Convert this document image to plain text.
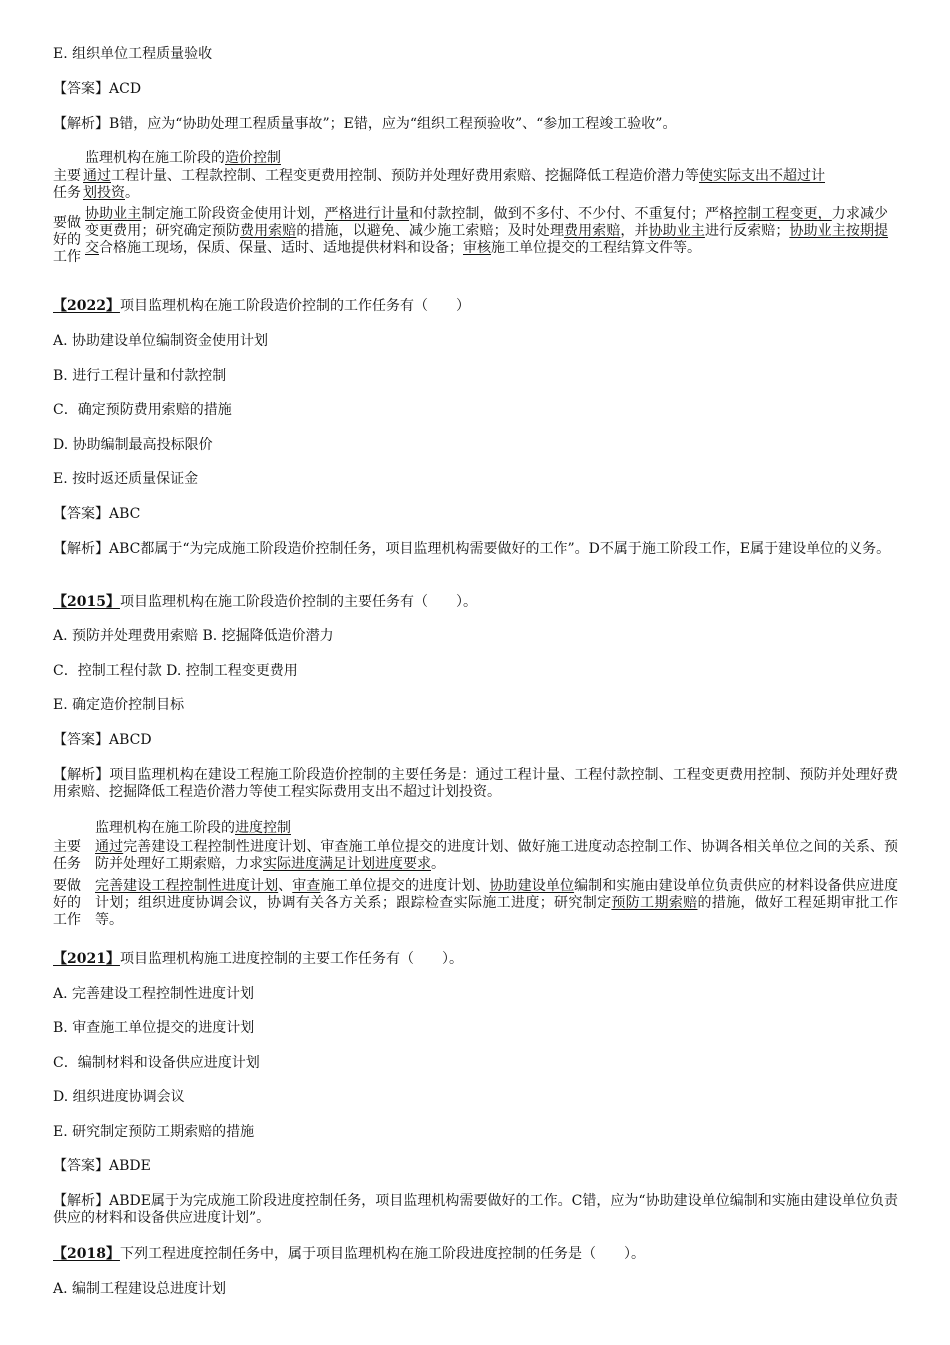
E. 组织单位工程质量验收
【答案】ACD
【解析】B错，应为“协助处理工程质量事故”；E错，应为“组织工程预验收”、“参加工程竣工验收”。
监理机构在施工阶段的造价控制
主要
任务
通过工程计量、工程款控制、工程变更费用控制、预防并处理好费用索赔、挖掘降低工程造价潜力等使实际支出不超过计
划投资。
要做好的工作
协助业主制定施工阶段资金使用计划，严格进行计量和付款控制，做到不多付、不少付、不重复付；严格控制工程变更，力求减少变更费用；研究确定预防费用索赔的措施，以避免、减少施工索赔；及时处理费用索赔，并协助业主进行反索赔；协助业主按期提交合格施工现场，保质、保量、适时、适地提供材料和设备；审核施工单位提交的工程结算文件等。
【2022】项目监理机构在施工阶段造价控制的工作任务有（　　）
A. 协助建设单位编制资金使用计划
B. 进行工程计量和付款控制
C．确定预防费用索赔的措施
D. 协助编制最高投标限价
E. 按时返还质量保证金
【答案】ABC
【解析】ABC都属于“为完成施工阶段造价控制任务，项目监理机构需要做好的工作”。D不属于施工阶段工作，E属于建设单位的义务。
【2015】项目监理机构在施工阶段造价控制的主要任务有（　　）。
A. 预防并处理费用索赔 B. 挖掘降低造价潜力
C．控制工程付款 D. 控制工程变更费用
E. 确定造价控制目标
【答案】ABCD
【解析】项目监理机构在建设工程施工阶段造价控制的主要任务是：通过工程计量、工程付款控制、工程变更费用控制、预防并处理好费用索赔、挖掘降低工程造价潜力等使工程实际费用支出不超过计划投资。
监理机构在施工阶段的进度控制
主要任务
通过完善建设工程控制性进度计划、审查施工单位提交的进度计划、做好施工进度动态控制工作、协调各相关单位之间的关系、预防并处理好工期索赔，力求实际进度满足计划进度要求。
要做好的工作
完善建设工程控制性进度计划、审查施工单位提交的进度计划、协助建设单位编制和实施由建设单位负责供应的材料设备供应进度计划；组织进度协调会议，协调有关各方关系；跟踪检查实际施工进度；研究制定预防工期索赔的措施，做好工程延期审批工作等。
【2021】项目监理机构施工进度控制的主要工作任务有（　　）。
A. 完善建设工程控制性进度计划
B. 审查施工单位提交的进度计划
C．编制材料和设备供应进度计划
D. 组织进度协调会议
E. 研究制定预防工期索赔的措施
【答案】ABDE
【解析】ABDE属于为完成施工阶段进度控制任务，项目监理机构需要做好的工作。C错，应为“协助建设单位编制和实施由建设单位负责供应的材料和设备供应进度计划”。
【2018】下列工程进度控制任务中，属于项目监理机构在施工阶段进度控制的任务是（　　）。
A. 编制工程建设总进度计划
